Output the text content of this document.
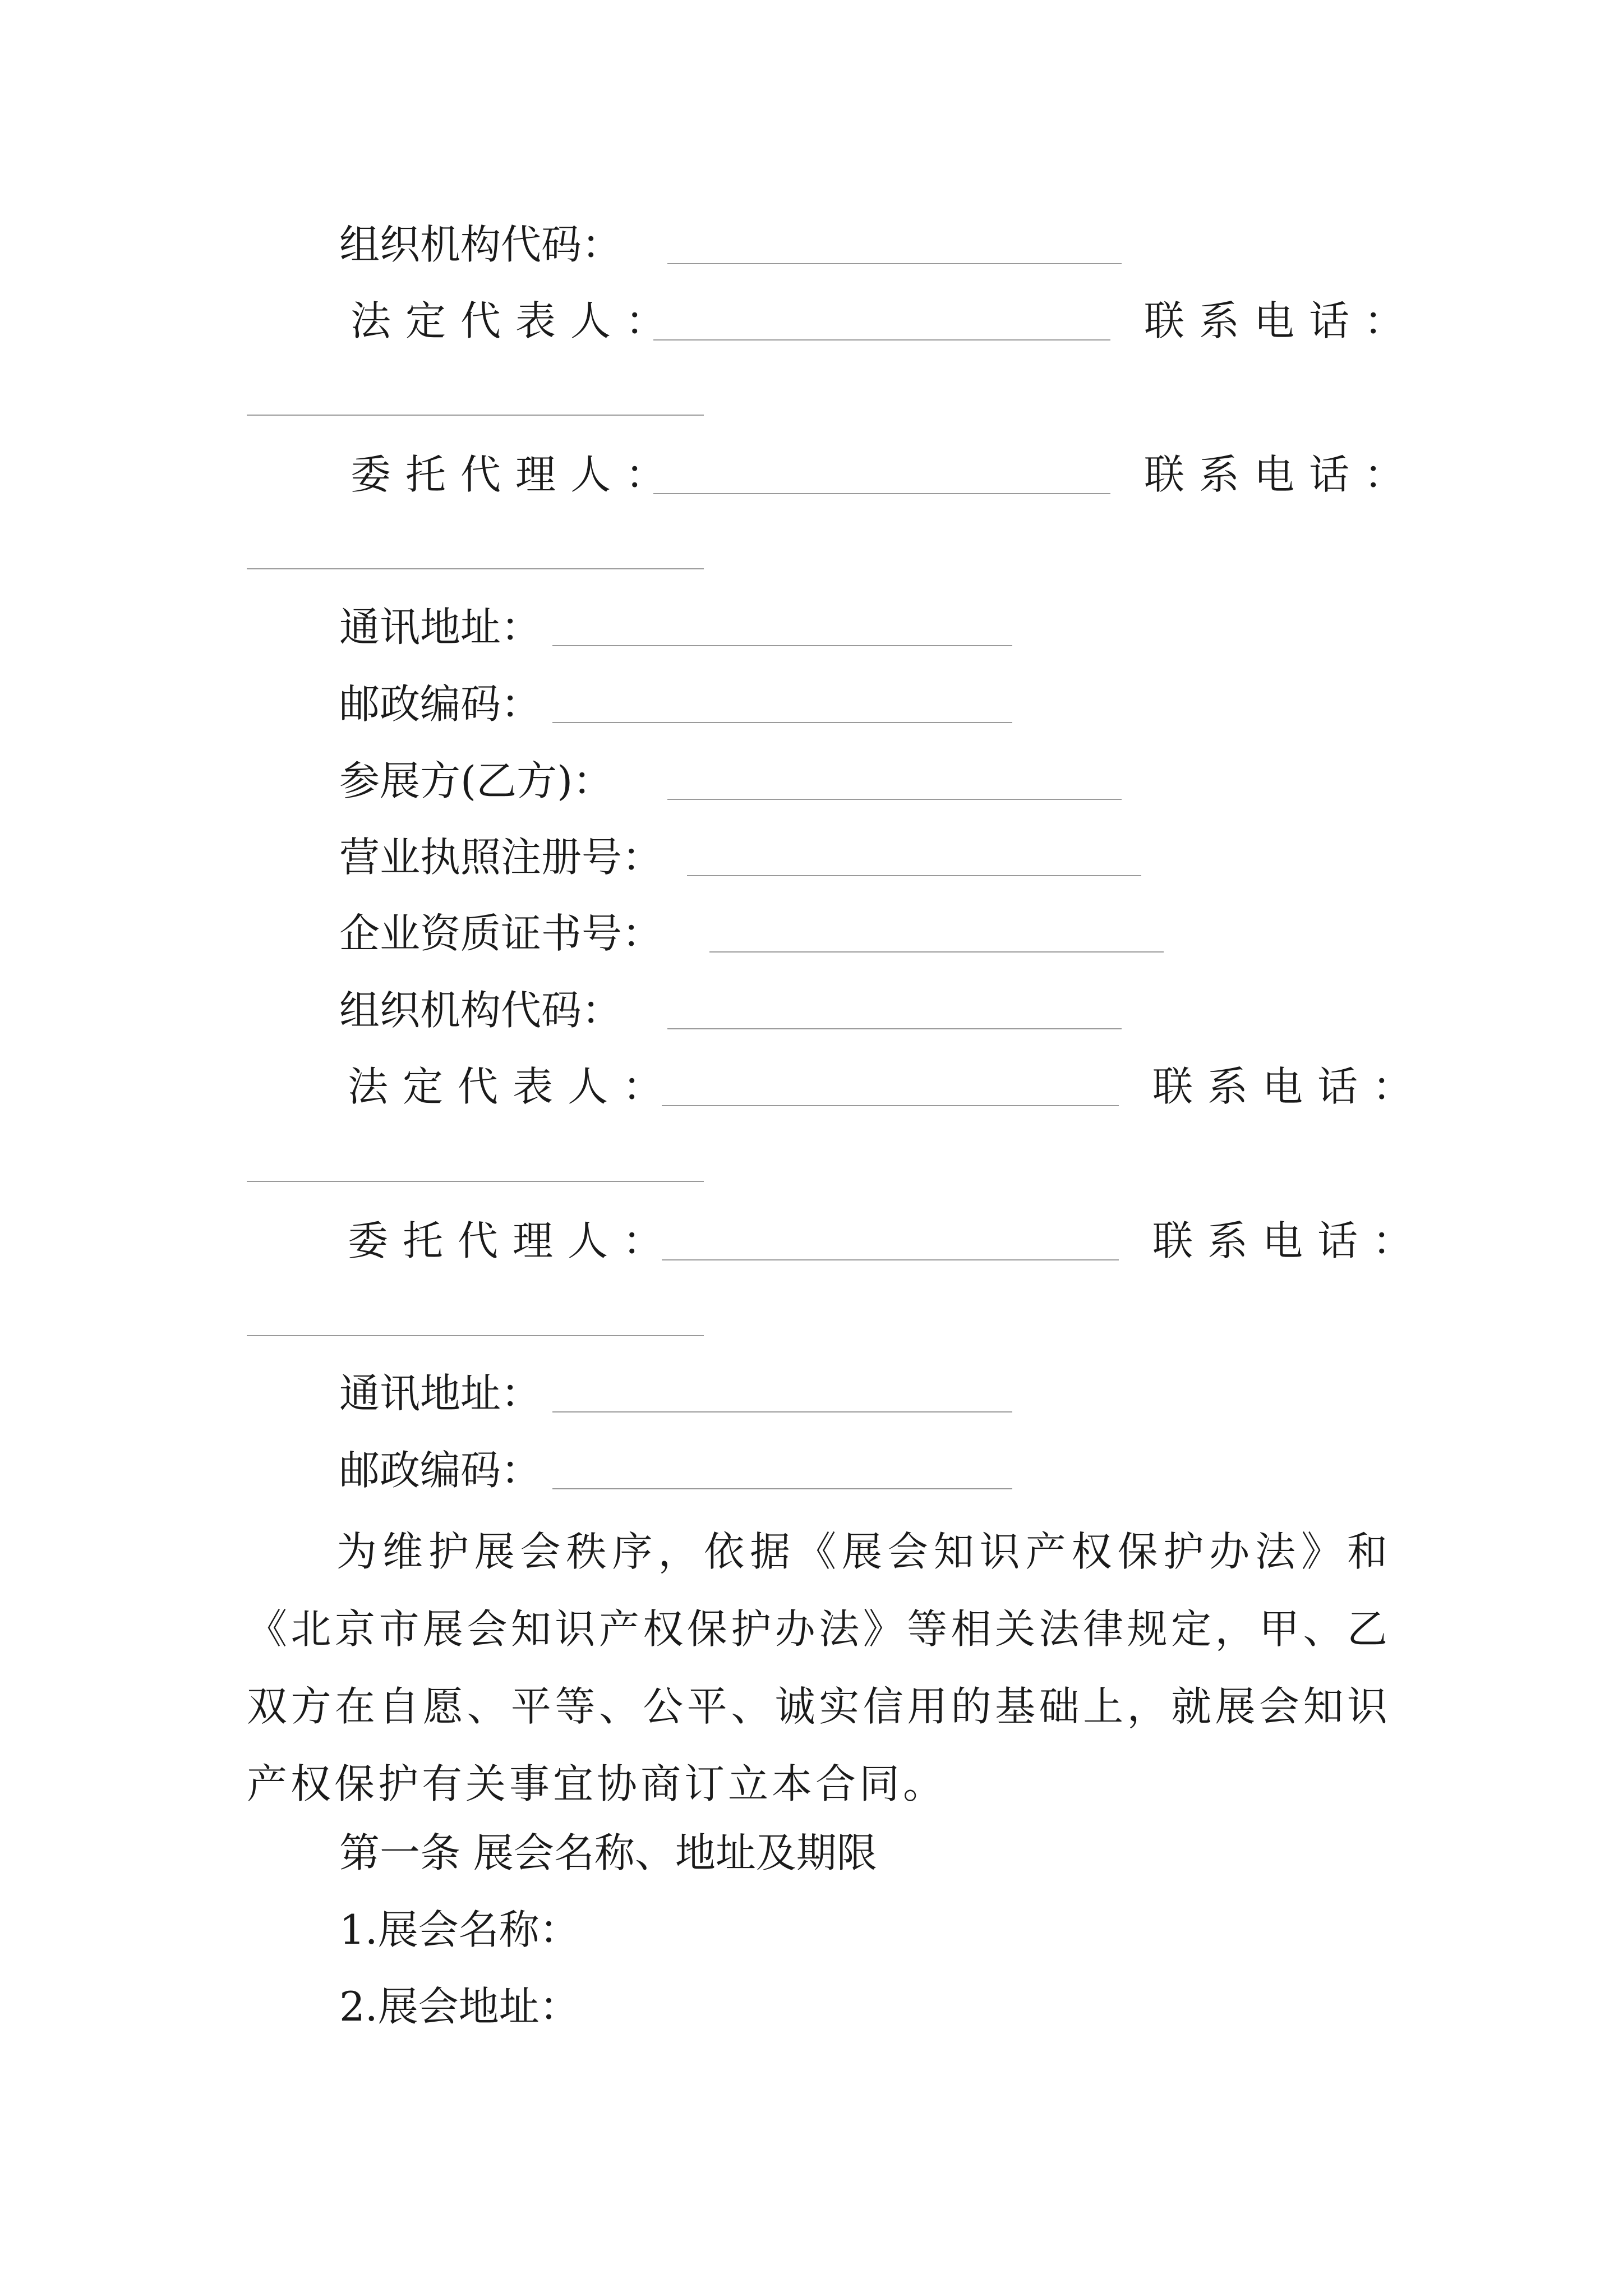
组织机构代码：
法定代表人：	联系电话：
委托代理人：	联系电话：
通讯地址：
邮政编码：
参展方(乙方)：
营业执照注册号：
企业资质证书号：
组织机构代码：
法定代表人：	联系电话：
委托代理人：	联系电话：
通讯地址：
邮政编码：
为维护展会秩序，依据《展会知识产权保护办法》和《北京市展会知识产权保护办法》等相关法律规定，甲、乙双方在自愿、平等、公平、诚实信用的基础上，就展会知识产权保护有关事宜协商订立本合同。
第一条 展会名称、地址及期限
1.展会名称：
2.展会地址：
